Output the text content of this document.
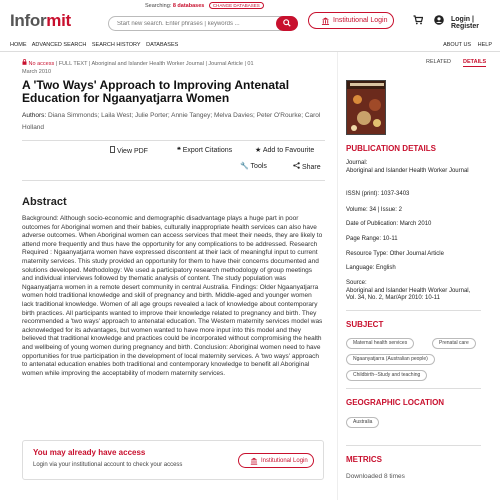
Informit
Searching: 8 databases CHANGE DATABASES
Start new search. Enter phrases | keywords ...
Institutional Login	Login | Register
HOME ADVANCED SEARCH SEARCH HISTORY DATABASES	ABOUT US HELP
No access | FULL TEXT | Aboriginal and Islander Health Worker Journal | Journal Article | 01
March 2010
A 'Two Ways' Approach to Improving Antenatal Education for Ngaanyatjarra Women
Authors: Diana Simmonds; Laila West; Julie Porter; Annie Tangey; Melva Davies; Peter O'Rourke; Carol Holland
View PDF	❝ Export Citations	★ Add to Favourite
🔧 Tools	Share
Abstract
Background: Although socio-economic and demographic disadvantage plays a huge part in poor outcomes for Aboriginal women and their babies, culturally inappropriate health services can also have adverse outcomes. When Aboriginal women can access services that meet their needs, they are likely to attend more frequently and thus have the opportunity for any complications to be addressed. Research Required : Ngaanyatjarra women have expressed discontent at their lack of meaningful input to current maternity services. This study provided an opportunity for them to have their concerns documented and solutions developed. Methodology: We used a participatory research methodology of group meetings and individual interviews followed by thematic analysis of content. The study population was Ngaanyatjarra women in a remote desert community in central Australia. Findings: Older Ngaanyatjarra women hold traditional knowledge and skill of pregnancy and birth. Middle-aged and younger women lack traditional knowledge. Women of all age groups revealed a lack of knowledge about contemporary birth practices. All participants wanted to improve their knowledge related to pregnancy and birth. They recommended a 'two ways' approach to antenatal education. The Western maternity services model was acknowledged for its advantages, but women wanted to have more input into this model and they believed that traditional knowledge and practices could be incorporated without compromising the health and wellbeing of young women during pregnancy and birth. Conclusion: Aboriginal women need to have opportunities for true participation in the development of local maternity services. A 'two ways' approach to antenatal education enables both traditional and contemporary knowledge to benefit all Aboriginal women while improving the acceptability of modern maternity services.
You may already have access
Login via your institutional account to check your access
Institutional Login
RELATED	DETAILS
PUBLICATION DETAILS
Journal:
Aboriginal and Islander Health Worker Journal
ISSN (print): 1037-3403
Volume: 34 | Issue: 2
Date of Publication: March 2010
Page Range: 10-11
Resource Type: Other Journal Article
Language: English
Source:
Aboriginal and Islander Health Worker Journal, Vol. 34, No. 2, Mar/Apr 2010: 10-11
SUBJECT
Maternal health services	Prenatal care
Ngaanyatjarra (Australian people)
Childbirth--Study and teaching
GEOGRAPHIC LOCATION
Australia
METRICS
Downloaded 8 times
